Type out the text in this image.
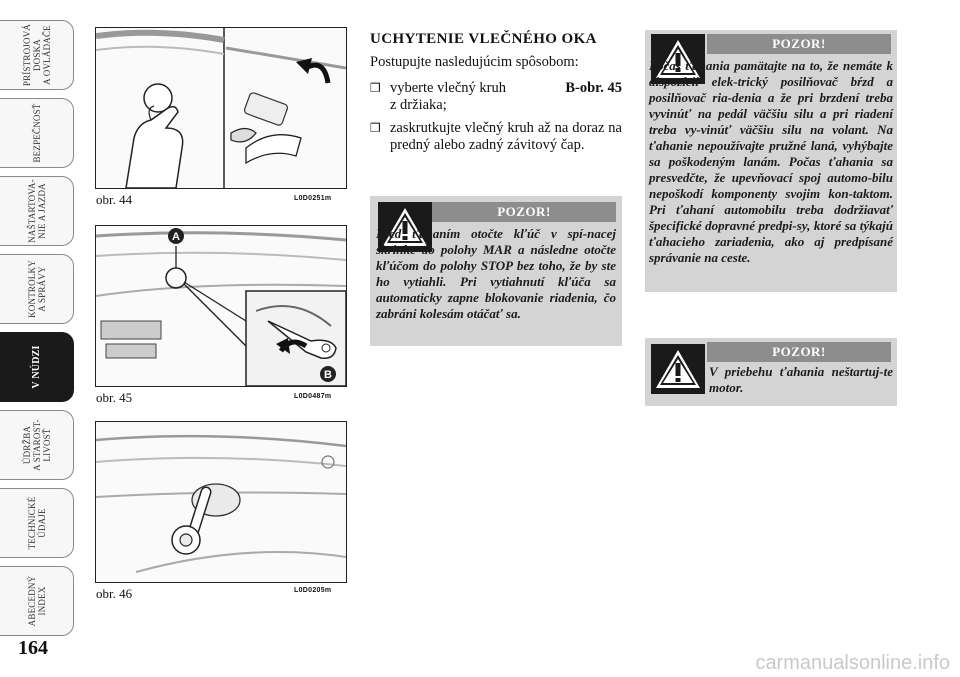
PRÍSTROJOVÁ
DOSKA
A OVLÁDAČE
BEZPEČNOSŤ
NAŠTARTOVA-
NIE A JAZDA
KONTROLKY
A SPRÁVY
V NÚDZI
ÚDRŽBA
A STAROST-
LIVOSŤ
TECHNICKÉ
ÚDAJE
ABECEDNÝ
INDEX
164
obr. 44	L0D0251m
A
B
obr. 45	L0D0487m
obr. 46	L0D0205m
UCHYTENIE VLEČNÉHO OKA
Postupujte nasledujúcim spôsobom:
❒ vyberte vlečný kruh	B-obr. 45
z držiaka;
❒ zaskrutkujte vlečný kruh až na doraz na predný alebo zadný závitový čap.
POZOR!
Pred ťahaním otočte kľúč v spí-nacej skrinke do polohy MAR a následne otočte kľúčom do polohy STOP bez toho, že by ste ho vytiahli. Pri vytiahnutí kľúča sa automaticky zapne blokovanie riadenia, čo zabráni kolesám otáčať sa.
POZOR!
Počas ťahania pamätajte na to, že nemáte k dispozícii elek-trický posilňovač bŕzd a posilňovač ria-denia a že pri brzdení treba vyvinúť na pedál väčšiu silu a pri riadení treba vy-vinúť väčšiu silu na volant. Na ťahanie nepoužívajte pružné laná, vyhýbajte sa poškodeným lanám. Počas ťahania sa presvedčte, že upevňovací spoj automo-bilu nepoškodí komponenty svojim kon-taktom. Pri ťahaní automobilu treba dodržiavať špecifické dopravné predpi-sy, ktoré sa týkajú ťahacieho zariadenia, ako aj predpísané správanie na ceste.
POZOR!
V priebehu ťahania neštartuj-te motor.
carmanualsonline.info
